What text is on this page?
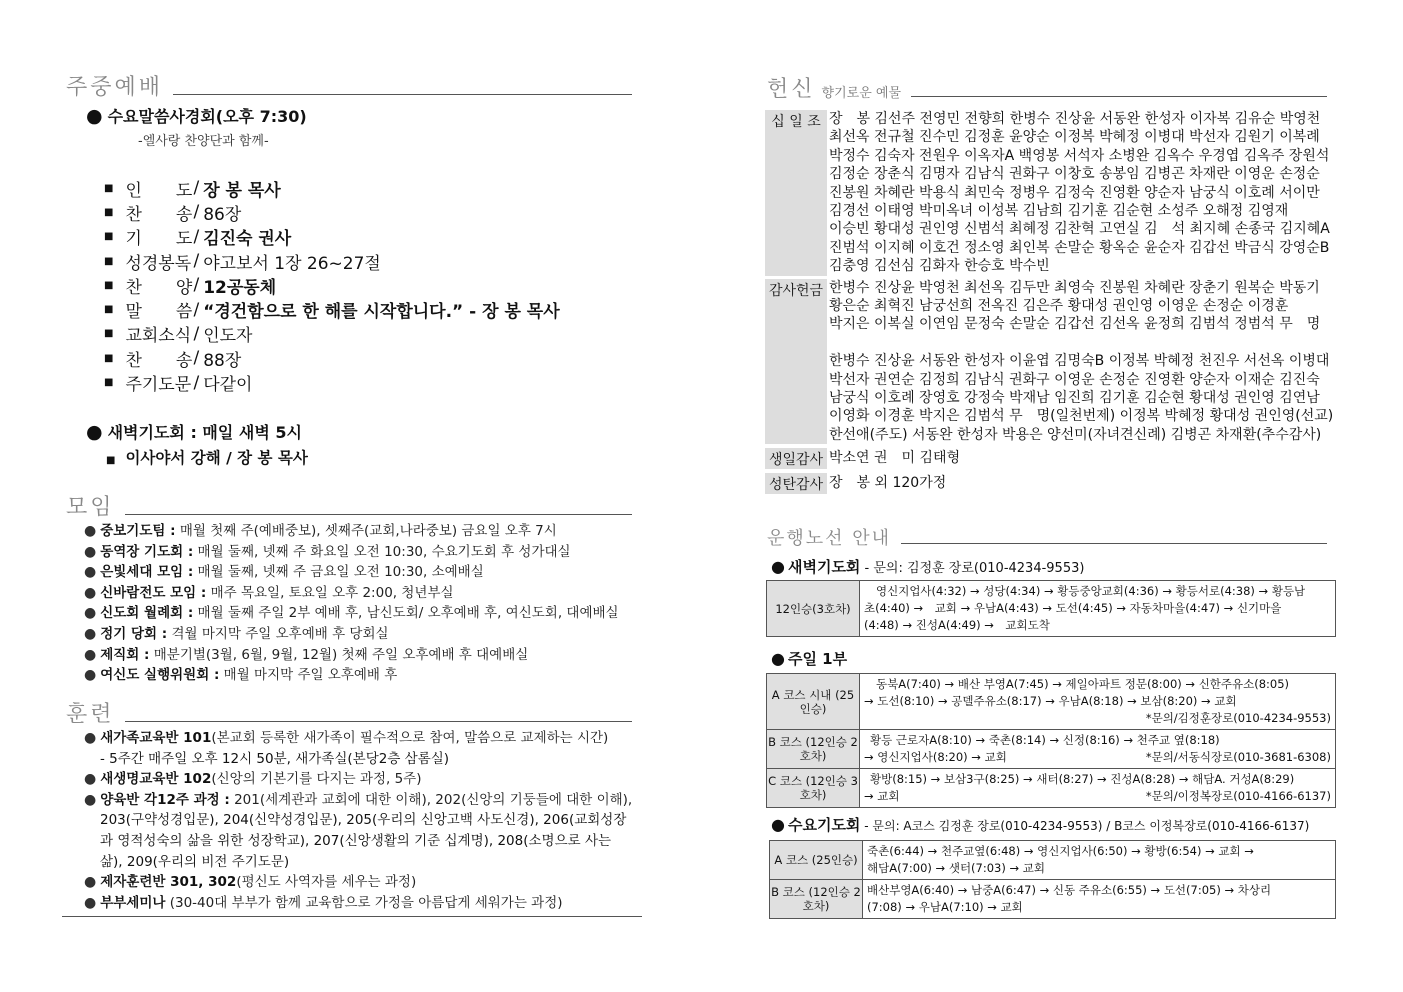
주중예배
● 수요말씀사경회(오후 7:30)
-엘사랑 찬양단과 함께-
■ 인　　도 / 장 봉 목사
■ 찬　　송 / 86장
■ 기　　도 / 김진숙 권사
■ 성경봉독 / 야고보서 1장 26~27절
■ 찬　　양 / 12공동체
■ 말　　씀 / “경건함으로 한 해를 시작합니다.” - 장 봉 목사
■ 교회소식 / 인도자
■ 찬　　송 / 88장
■ 주기도문 / 다같이
● 새벽기도회 : 매일 새벽 5시
■ 이사야서 강해 / 장 봉 목사
모임
● 중보기도팀 : 매월 첫째 주(예배중보), 셋째주(교회,나라중보) 금요일 오후 7시
● 동역장 기도회 : 매월 둘째, 넷째 주 화요일 오전 10:30, 수요기도회 후 성가대실
● 은빛세대 모임 : 매월 둘째, 넷째 주 금요일 오전 10:30, 소예배실
● 신바람전도 모임 : 매주 목요일, 토요일 오후 2:00, 청년부실
● 신도회 월례회 : 매월 둘째 주일 2부 예배 후, 남신도회/ 오후예배 후, 여신도회, 대예배실
● 정기 당회 : 격월 마지막 주일 오후예배 후 당회실
● 제직회 : 매분기별(3월, 6월, 9월, 12월) 첫째 주일 오후예배 후 대예배실
● 여신도 실행위원회 : 매월 마지막 주일 오후예배 후
훈련
● 새가족교육반 101(본교회 등록한 새가족이 필수적으로 참여, 말씀으로 교제하는 시간)
- 5주간 매주일 오후 12시 50분, 새가족실(본당2층 삼롬실)
● 새생명교육반 102(신앙의 기본기를 다지는 과정, 5주)
● 양육반 각12주 과정 : 201(세계관과 교회에 대한 이해), 202(신앙의 기둥들에 대한 이해),
203(구약성경입문), 204(신약성경입문), 205(우리의 신앙고백 사도신경), 206(교회성장
과 영적성숙의 삶을 위한 성장학교), 207(신앙생활의 기준 십계명), 208(소명으로 사는
삶), 209(우리의 비전 주기도문)
● 제자훈련반 301, 302(평신도 사역자를 세우는 과정)
● 부부세미나 (30-40대 부부가 함께 교육함으로 가정을 아름답게 세워가는 과정)
헌신 향기로운 예물
십 일 조 장　봉 김선주 전영민 전향희 한병수 진상윤 서동완 한성자 이자복 김유순 박영천
최선옥 전규철 진수민 김정훈 윤양순 이정복 박혜정 이병대 박선자 김원기 이복례
박정수 김숙자 전원우 이옥자A 백영봉 서석자 소병완 김옥수 우경엽 김옥주 장원석
김정순 장춘식 김명자 김남식 권화구 이창호 송봉임 김병곤 차재란 이영운 손정순
진봉원 차혜란 박용식 최민숙 정병우 김정숙 진영환 양순자 남궁식 이호례 서이만
김경선 이태영 박미옥녀 이성복 김남희 김기훈 김순현 소성주 오해정 김영재
이승빈 황대성 권인영 신범석 최혜정 김찬혁 고연실 김　석 최지혜 손종국 김지혜A
진범석 이지혜 이호건 정소영 최인복 손말순 황옥순 윤순자 김갑선 박금식 강영순B
김충영 김선심 김화자 한승호 박수빈
감사헌금 한병수 진상윤 박영천 최선옥 김두만 최영숙 진봉원 차혜란 장춘기 원복순 박동기
황은순 최혁진 남궁선희 전옥진 김은주 황대성 권인영 이영운 손정순 이경훈
박지은 이복실 이연임 문정숙 손말순 김갑선 김선옥 윤정희 김범석 정범석 무　명
한병수 진상윤 서동완 한성자 이윤엽 김명숙B 이정복 박혜정 천진우 서선옥 이병대
박선자 권연순 김정희 김남식 권화구 이영운 손정순 진영환 양순자 이재순 김진숙
남궁식 이호례 장영호 강정숙 박재남 임진희 김기훈 김순현 황대성 권인영 김연남
이영화 이경훈 박지은 김범석 무　명(일천번제) 이정복 박혜정 황대성 권인영(선교)
한선애(주도) 서동완 한성자 박용은 양선미(자녀견신례) 김병곤 차재환(추수감사)
생일감사 박소연 권　미 김태형
성탄감사 장　봉 외 120가정
운행노선 안내
● 새벽기도회 - 문의: 김정훈 장로(010-4234-9553)
12인승(3호차)
영신지업사(4:32) → 성당(4:34) → 황등중앙교회(4:36) → 황등서로(4:38) → 황등남
초(4:40) →　교회 → 우남A(4:43) → 도선(4:45) → 자동차마을(4:47) → 신기마을
(4:48) → 진성A(4:49) →　교회도착
● 주일 1부
A 코스 시내 (25인승)
동북A(7:40) → 배산 부영A(7:45) → 제일아파트 정문(8:00) → 신한주유소(8:05)
→ 도선(8:10) → 공델주유소(8:17) → 우남A(8:18) → 보삼(8:20) → 교회
*문의/김정훈장로(010-4234-9553)
B 코스 (12인승 2호차)
황등 근로자A(8:10) → 죽촌(8:14) → 신정(8:16) → 천주교 옆(8:18)
→ 영신지업사(8:20) → 교회	*문의/서동식장로(010-3681-6308)
C 코스 (12인승 3호차)
황방(8:15) → 보삼3구(8:25) → 새터(8:27) → 진성A(8:28) → 해담A. 거성A(8:29)
→ 교회	*문의/이정복장로(010-4166-6137)
● 수요기도회 - 문의: A코스 김정훈 장로(010-4234-9553) / B코스 이정복장로(010-4166-6137)
A 코스 (25인승)
죽촌(6:44) → 천주교옆(6:48) → 영신지업사(6:50) → 황방(6:54) → 교회 →
해담A(7:00) → 샛터(7:03) → 교회
B 코스 (12인승 2호차)
배산부영A(6:40) → 남중A(6:47) → 신동 주유소(6:55) → 도선(7:05) → 차상리
(7:08) → 우남A(7:10) → 교회
